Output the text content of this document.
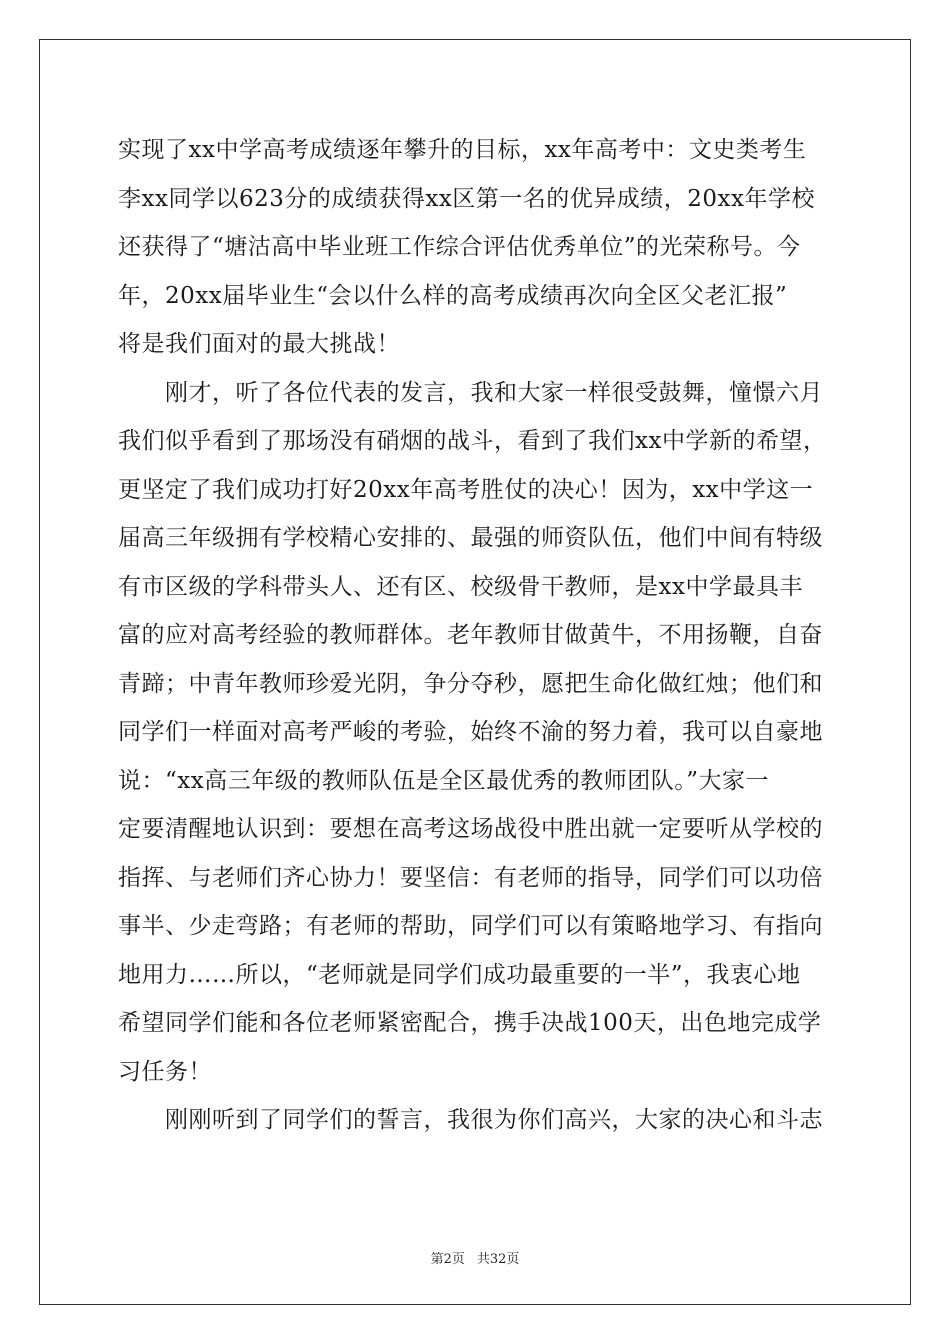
实现了xx中学高考成绩逐年攀升的目标，xx年高考中：文史类考生
李xx同学以623分的成绩获得xx区第一名的优异成绩，20xx年学校
还获得了“塘沽高中毕业班工作综合评估优秀单位”的光荣称号。今
年，20xx届毕业生“会以什么样的高考成绩再次向全区父老汇报”
将是我们面对的最大挑战！
　　刚才，听了各位代表的发言，我和大家一样很受鼓舞，憧憬六月
我们似乎看到了那场没有硝烟的战斗，看到了我们xx中学新的希望，
更坚定了我们成功打好20xx年高考胜仗的决心！因为，xx中学这一
届高三年级拥有学校精心安排的、最强的师资队伍，他们中间有特级
有市区级的学科带头人、还有区、校级骨干教师，是xx中学最具丰
富的应对高考经验的教师群体。老年教师甘做黄牛，不用扬鞭，自奋
青蹄；中青年教师珍爱光阴，争分夺秒，愿把生命化做红烛；他们和
同学们一样面对高考严峻的考验，始终不渝的努力着，我可以自豪地
说：“xx高三年级的教师队伍是全区最优秀的教师团队。”大家一
定要清醒地认识到：要想在高考这场战役中胜出就一定要听从学校的
指挥、与老师们齐心协力！要坚信：有老师的指导，同学们可以功倍
事半、少走弯路；有老师的帮助，同学们可以有策略地学习、有指向
地用力……所以，“老师就是同学们成功最重要的一半”，我衷心地
希望同学们能和各位老师紧密配合，携手决战100天，出色地完成学
习任务！
　　刚刚听到了同学们的誓言，我很为你们高兴，大家的决心和斗志
第2页 共32页
